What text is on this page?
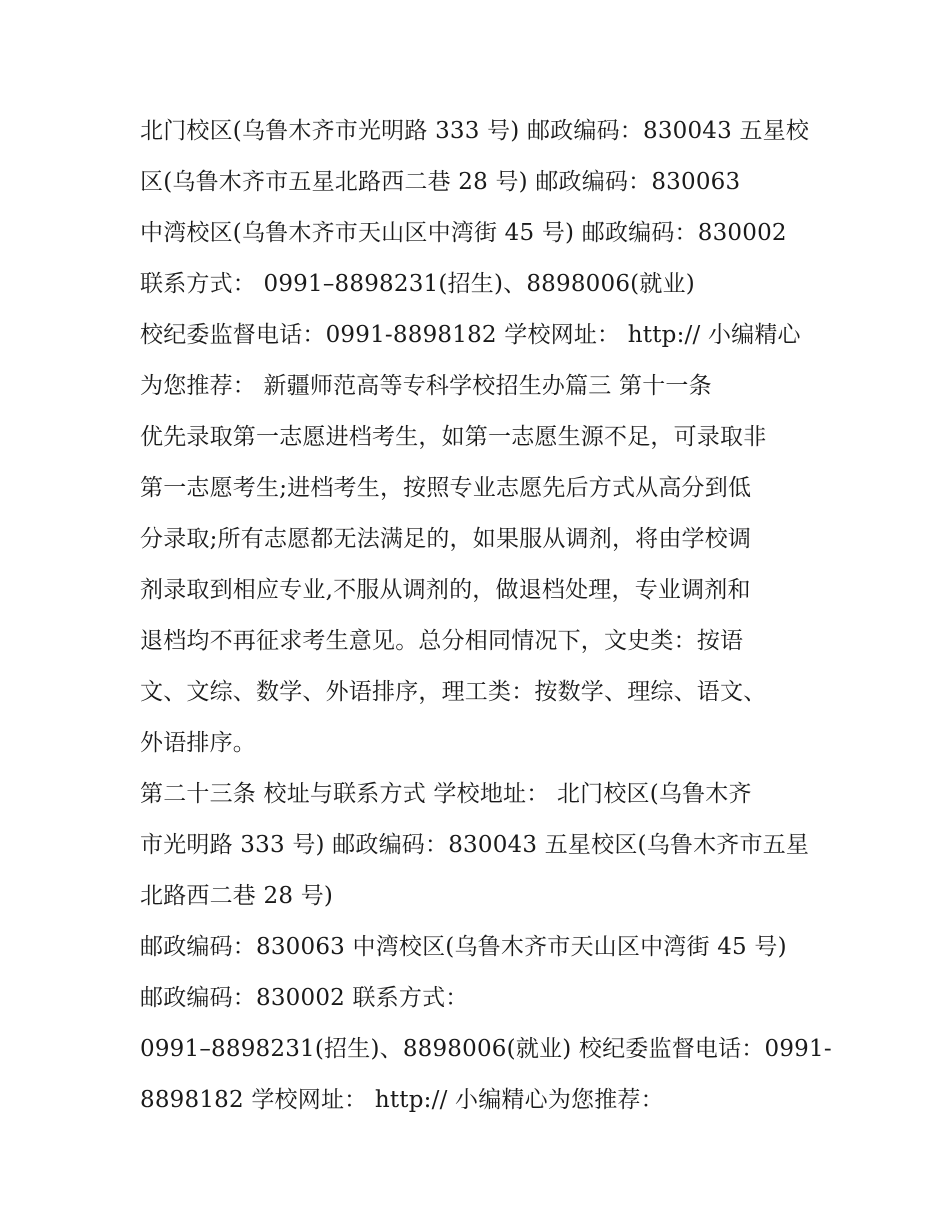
北门校区(乌鲁木齐市光明路 333 号) 邮政编码：830043 五星校
区(乌鲁木齐市五星北路西二巷 28 号) 邮政编码：830063
中湾校区(乌鲁木齐市天山区中湾街 45 号) 邮政编码：830002
联系方式： 0991–8898231(招生)、8898006(就业)
校纪委监督电话：0991-8898182 学校网址： http:// 小编精心
为您推荐： 新疆师范高等专科学校招生办篇三 第十一条
优先录取第一志愿进档考生，如第一志愿生源不足，可录取非
第一志愿考生;进档考生，按照专业志愿先后方式从高分到低
分录取;所有志愿都无法满足的，如果服从调剂，将由学校调
剂录取到相应专业,不服从调剂的，做退档处理，专业调剂和
退档均不再征求考生意见。总分相同情况下，文史类：按语
文、文综、数学、外语排序，理工类：按数学、理综、语文、
外语排序。
第二十三条 校址与联系方式 学校地址： 北门校区(乌鲁木齐
市光明路 333 号) 邮政编码：830043 五星校区(乌鲁木齐市五星
北路西二巷 28 号)
邮政编码：830063 中湾校区(乌鲁木齐市天山区中湾街 45 号)
邮政编码：830002 联系方式：
0991–8898231(招生)、8898006(就业) 校纪委监督电话：0991-
8898182 学校网址： http:// 小编精心为您推荐：
